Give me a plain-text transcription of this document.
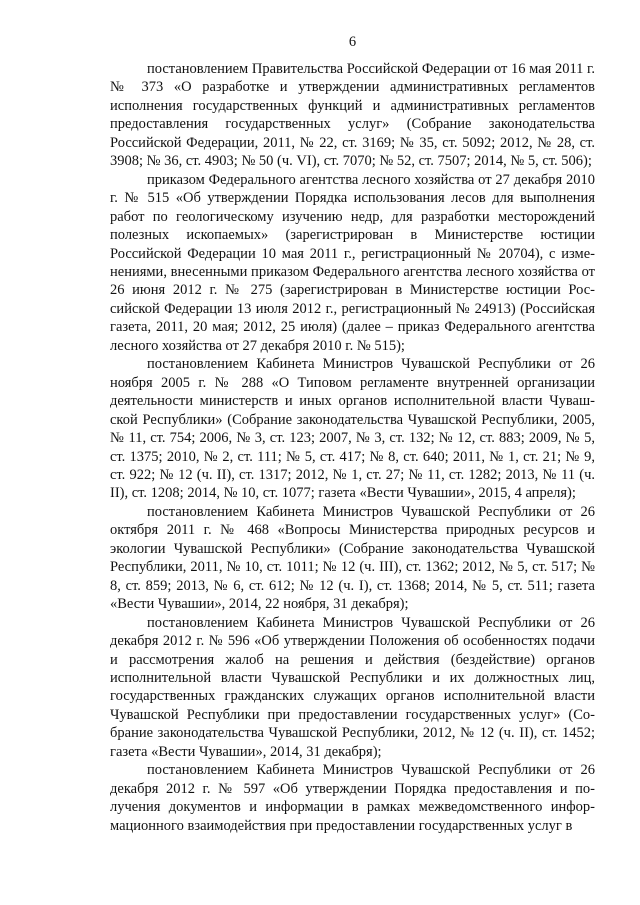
6

постановлением Правительства Российской Федерации от 16 мая 2011 г. № 373 «О разработке и утверждении административных регламентов исполнения государственных функций и административных регламентов предоставления государственных услуг» (Собрание законодательства Российской Федерации, 2011, № 22, ст. 3169; № 35, ст. 5092; 2012, № 28, ст. 3908; № 36, ст. 4903; № 50 (ч. VI), ст. 7070; № 52, ст. 7507; 2014, № 5, ст. 506);

приказом Федерального агентства лесного хозяйства от 27 декабря 2010 г. № 515 «Об утверждении Порядка использования лесов для выполнения работ по геологическому изучению недр, для разработки месторождений полезных ископаемых» (зарегистрирован в Министерстве юстиции Российской Федерации 10 мая 2011 г., регистрационный № 20704), с изменениями, внесенными приказом Федерального агентства лесного хозяйства от 26 июня 2012 г. № 275 (зарегистрирован в Министерстве юстиции Российской Федерации 13 июля 2012 г., регистрационный № 24913) (Российская газета, 2011, 20 мая; 2012, 25 июля) (далее – приказ Федерального агентства лесного хозяйства от 27 декабря 2010 г. № 515);

постановлением Кабинета Министров Чувашской Республики от 26 ноября 2005 г. № 288 «О Типовом регламенте внутренней организации деятельности министерств и иных органов исполнительной власти Чувашской Республики» (Собрание законодательства Чувашской Республики, 2005, № 11, ст. 754; 2006, № 3, ст. 123; 2007, № 3, ст. 132; № 12, ст. 883; 2009, № 5, ст. 1375; 2010, № 2, ст. 111; № 5, ст. 417; № 8, ст. 640; 2011, № 1, ст. 21; № 9, ст. 922; № 12 (ч. II), ст. 1317; 2012, № 1, ст. 27; № 11, ст. 1282; 2013, № 11 (ч. II), ст. 1208; 2014, № 10, ст. 1077; газета «Вести Чувашии», 2015, 4 апреля);

постановлением Кабинета Министров Чувашской Республики от 26 октября 2011 г. № 468 «Вопросы Министерства природных ресурсов и экологии Чувашской Республики» (Собрание законодательства Чувашской Республики, 2011, № 10, ст. 1011; № 12 (ч. III), ст. 1362; 2012, № 5, ст. 517; № 8, ст. 859; 2013, № 6, ст. 612; № 12 (ч. I), ст. 1368; 2014, № 5, ст. 511; газета «Вести Чувашии», 2014, 22 ноября, 31 декабря);

постановлением Кабинета Министров Чувашской Республики от 26 декабря 2012 г. № 596 «Об утверждении Положения об особенностях подачи и рассмотрения жалоб на решения и действия (бездействие) органов исполнительной власти Чувашской Республики и их должностных лиц, государственных гражданских служащих органов исполнительной власти Чувашской Республики при предоставлении государственных услуг» (Собрание законодательства Чувашской Республики, 2012, № 12 (ч. II), ст. 1452; газета «Вести Чувашии», 2014, 31 декабря);

постановлением Кабинета Министров Чувашской Республики от 26 декабря 2012 г. № 597 «Об утверждении Порядка предоставления и получения документов и информации в рамках межведомственного информационного взаимодействия при предоставлении государственных услуг в
